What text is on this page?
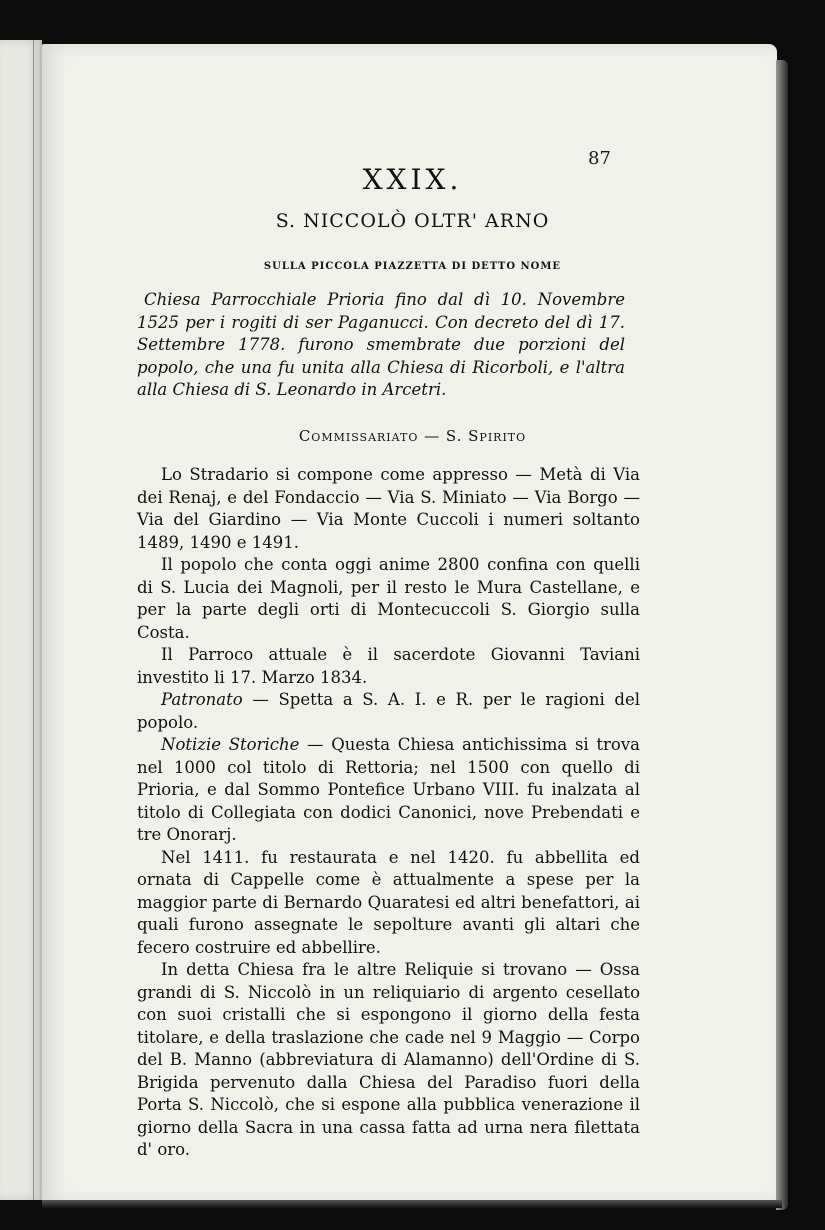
87
XXIX.
S. NICCOLÒ OLTR' ARNO
SULLA PICCOLA PIAZZETTA DI DETTO NOME

Chiesa Parrocchiale Prioria fino dal dì 10. Novembre 1525 per i rogiti di ser Paganucci. Con decreto del dì 17. Settembre 1778. furono smembrate due porzioni del popolo, che una fu unita alla Chiesa di Ricorboli, e l'altra alla Chiesa di S. Leonardo in Arcetri.

Commissariato — S. Spirito

Lo Stradario si compone come appresso — Metà di Via dei Renaj, e del Fondaccio — Via S. Miniato — Via Borgo — Via del Giardino — Via Monte Cuccoli i numeri soltanto 1489, 1490 e 1491.

Il popolo che conta oggi anime 2800 confina con quelli di S. Lucia dei Magnoli, per il resto le Mura Castellane, e per la parte degli orti di Montecuccoli S. Giorgio sulla Costa.

Il Parroco attuale è il sacerdote Giovanni Taviani investito li 17. Marzo 1834.

Patronato — Spetta a S. A. I. e R. per le ragioni del popolo.

Notizie Storiche — Questa Chiesa antichissima si trova nel 1000 col titolo di Rettoria; nel 1500 con quello di Prioria, e dal Sommo Pontefice Urbano VIII. fu inalzata al titolo di Collegiata con dodici Canonici, nove Prebendati e tre Onorarj.

Nel 1411. fu restaurata e nel 1420. fu abbellita ed ornata di Cappelle come è attualmente a spese per la maggior parte di Bernardo Quaratesi ed altri benefattori, ai quali furono assegnate le sepolture avanti gli altari che fecero costruire ed abbellire.

In detta Chiesa fra le altre Reliquie si trovano — Ossa grandi di S. Niccolò in un reliquiario di argento cesellato con suoi cristalli che si espongono il giorno della festa titolare, e della traslazione che cade nel 9 Maggio — Corpo del B. Manno (abbreviatura di Alamanno) dell'Ordine di S. Brigida pervenuto dalla Chiesa del Paradiso fuori della Porta S. Niccolò, che si espone alla pubblica venerazione il giorno della Sacra in una cassa fatta ad urna nera filettata d' oro.
